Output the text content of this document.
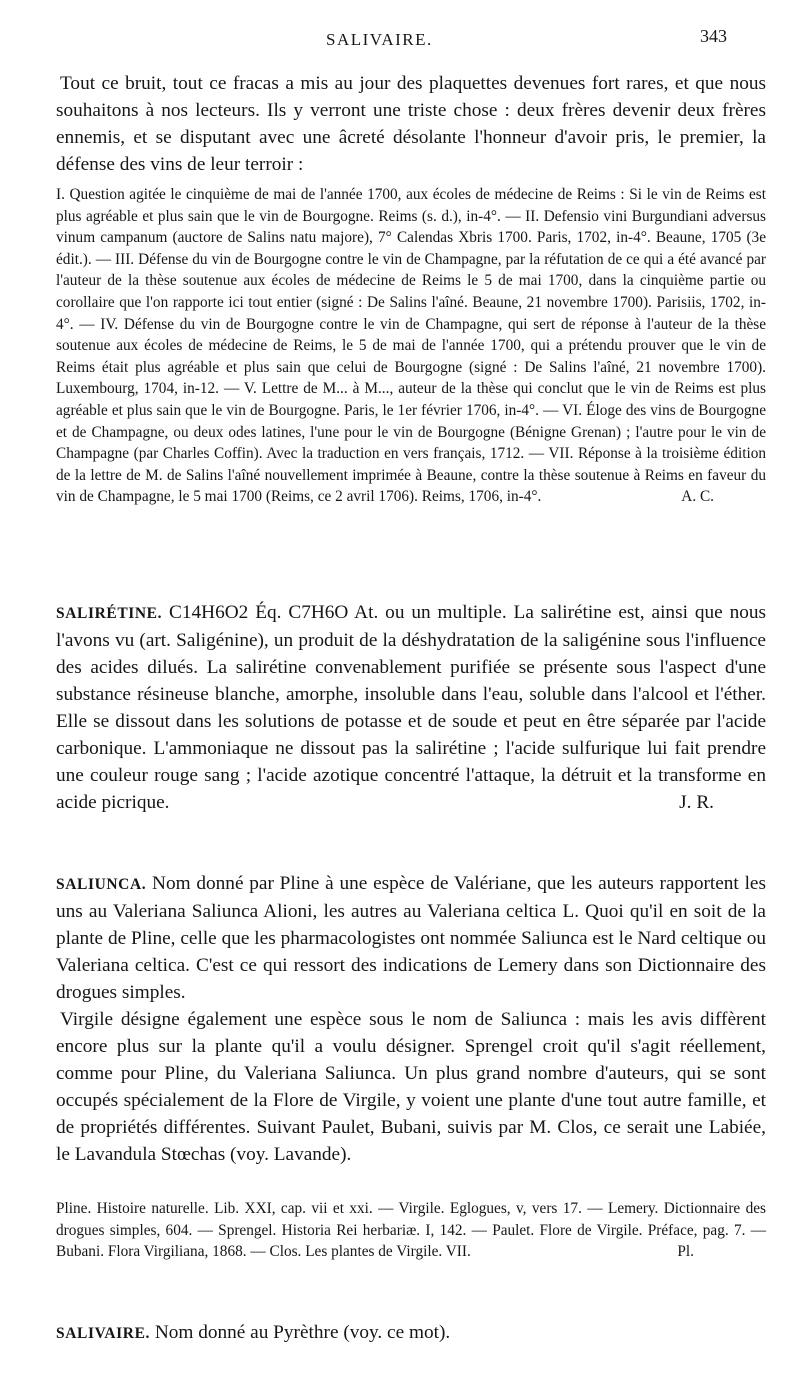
SALIVAIRE.	343

Tout ce bruit, tout ce fracas a mis au jour des plaquettes devenues fort rares, et que nous souhaitons à nos lecteurs. Ils y verront une triste chose : deux frères devenir deux frères ennemis, et se disputant avec une âcreté désolante l'honneur d'avoir pris, le premier, la défense des vins de leur terroir :

I. Question agitée le cinquième de mai de l'année 1700, aux écoles de médecine de Reims : Si le vin de Reims est plus agréable et plus sain que le vin de Bourgogne. Reims (s. d.), in-4°. — II. Defensio vini Burgundiani adversus vinum campanum (auctore de Salins natu majore), 7° Calendas Xbris 1700. Paris, 1702, in-4°. Beaune, 1705 (3e édit.). — III. Défense du vin de Bourgogne contre le vin de Champagne, par la réfutation de ce qui a été avancé par l'auteur de la thèse soutenue aux écoles de médecine de Reims le 5 de mai 1700, dans la cinquième partie ou corollaire que l'on rapporte ici tout entier (signé : De Salins l'aîné. Beaune, 21 novembre 1700). Parisiis, 1702, in-4°. — IV. Défense du vin de Bourgogne contre le vin de Champagne, qui sert de réponse à l'auteur de la thèse soutenue aux écoles de médecine de Reims, le 5 de mai de l'année 1700, qui a prétendu prouver que le vin de Reims était plus agréable et plus sain que celui de Bourgogne (signé : De Salins l'aîné, 21 novembre 1700). Luxembourg, 1704, in-12. — V. Lettre de M... à M..., auteur de la thèse qui conclut que le vin de Reims est plus agréable et plus sain que le vin de Bourgogne. Paris, le 1er février 1706, in-4°. — VI. Éloge des vins de Bourgogne et de Champagne, ou deux odes latines, l'une pour le vin de Bourgogne (Bénigne Grenan) ; l'autre pour le vin de Champagne (par Charles Coffin). Avec la traduction en vers français, 1712. — VII. Réponse à la troisième édition de la lettre de M. de Salins l'aîné nouvellement imprimée à Beaune, contre la thèse soutenue à Reims en faveur du vin de Champagne, le 5 mai 1700 (Reims, ce 2 avril 1706). Reims, 1706, in-4°.	A. C.
SALIRÉTINE. C14H6O2 Éq. C7H6O At. ou un multiple. La salirétine est, ainsi que nous l'avons vu (art. Saligénine), un produit de la déshydratation de la saligénine sous l'influence des acides dilués. La salirétine convenablement purifiée se présente sous l'aspect d'une substance résineuse blanche, amorphe, insoluble dans l'eau, soluble dans l'alcool et l'éther. Elle se dissout dans les solutions de potasse et de soude et peut en être séparée par l'acide carbonique. L'ammoniaque ne dissout pas la salirétine ; l'acide sulfurique lui fait prendre une couleur rouge sang ; l'acide azotique concentré l'attaque, la détruit et la transforme en acide picrique.	J. R.

SALIUNCA. Nom donné par Pline à une espèce de Valériane, que les auteurs rapportent les uns au Valeriana Saliunca Alioni, les autres au Valeriana celtica L. Quoi qu'il en soit de la plante de Pline, celle que les pharmacologistes ont nommée Saliunca est le Nard celtique ou Valeriana celtica. C'est ce qui ressort des indications de Lemery dans son Dictionnaire des drogues simples.

Virgile désigne également une espèce sous le nom de Saliunca : mais les avis diffèrent encore plus sur la plante qu'il a voulu désigner. Sprengel croit qu'il s'agit réellement, comme pour Pline, du Valeriana Saliunca. Un plus grand nombre d'auteurs, qui se sont occupés spécialement de la Flore de Virgile, y voient une plante d'une tout autre famille, et de propriétés différentes. Suivant Paulet, Bubani, suivis par M. Clos, ce serait une Labiée, le Lavandula Stœchas (voy. Lavande).

Pline. Histoire naturelle. Lib. XXI, cap. vii et xxi. — Virgile. Eglogues, v, vers 17. — Lemery. Dictionnaire des drogues simples, 604. — Sprengel. Historia Rei herbariæ. I, 142. — Paulet. Flore de Virgile. Préface, pag. 7. — Bubani. Flora Virgiliana, 1868. — Clos. Les plantes de Virgile. VII.	Pl.

SALIVAIRE. Nom donné au Pyrèthre (voy. ce mot).
